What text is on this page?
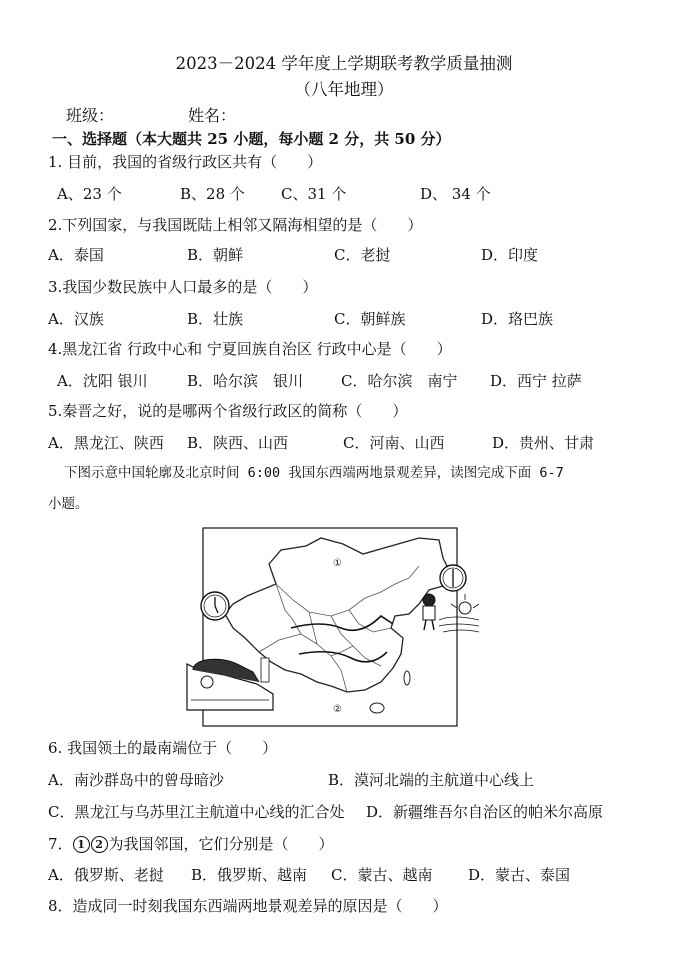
2023－2024 学年度上学期联考教学质量抽测
（八年地理）
班级：	姓名：
一、选择题（本大题共 25 小题，每小题 2 分，共 50 分）
1. 目前，我国的省级行政区共有（　　）
A、23 个	B、28 个 C、31 个	D、 34 个
2.下列国家，与我国既陆上相邻又隔海相望的是（　　）
A．泰国	B．朝鲜	C．老挝	D．印度
3.我国少数民族中人口最多的是（　　）
A．汉族	B．壮族	C．朝鲜族	D．珞巴族
4.黑龙江省 行政中心和 宁夏回族自治区 行政中心是（　　）
A．沈阳 银川	B．哈尔滨　银川	C．哈尔滨　南宁 D．西宁 拉萨
5.秦晋之好，说的是哪两个省级行政区的简称（　　）
A．黑龙江、陕西 B．陕西、山西	C．河南、山西	D．贵州、甘肃
下图示意中国轮廓及北京时间 6:00 我国东西端两地景观差异，读图完成下面 6-7
小题。
①
②
6. 我国领土的最南端位于（　　）
A．南沙群岛中的曾母暗沙	B．漠河北端的主航道中心线上
C．黑龙江与乌苏里江主航道中心线的汇合处 D．新疆维吾尔自治区的帕米尔高原
7． 1 2 为我国邻国，它们分别是（　　）
A．俄罗斯、老挝 B．俄罗斯、越南 C．蒙古、越南 D．蒙古、泰国
8．造成同一时刻我国东西端两地景观差异的原因是（　　）
